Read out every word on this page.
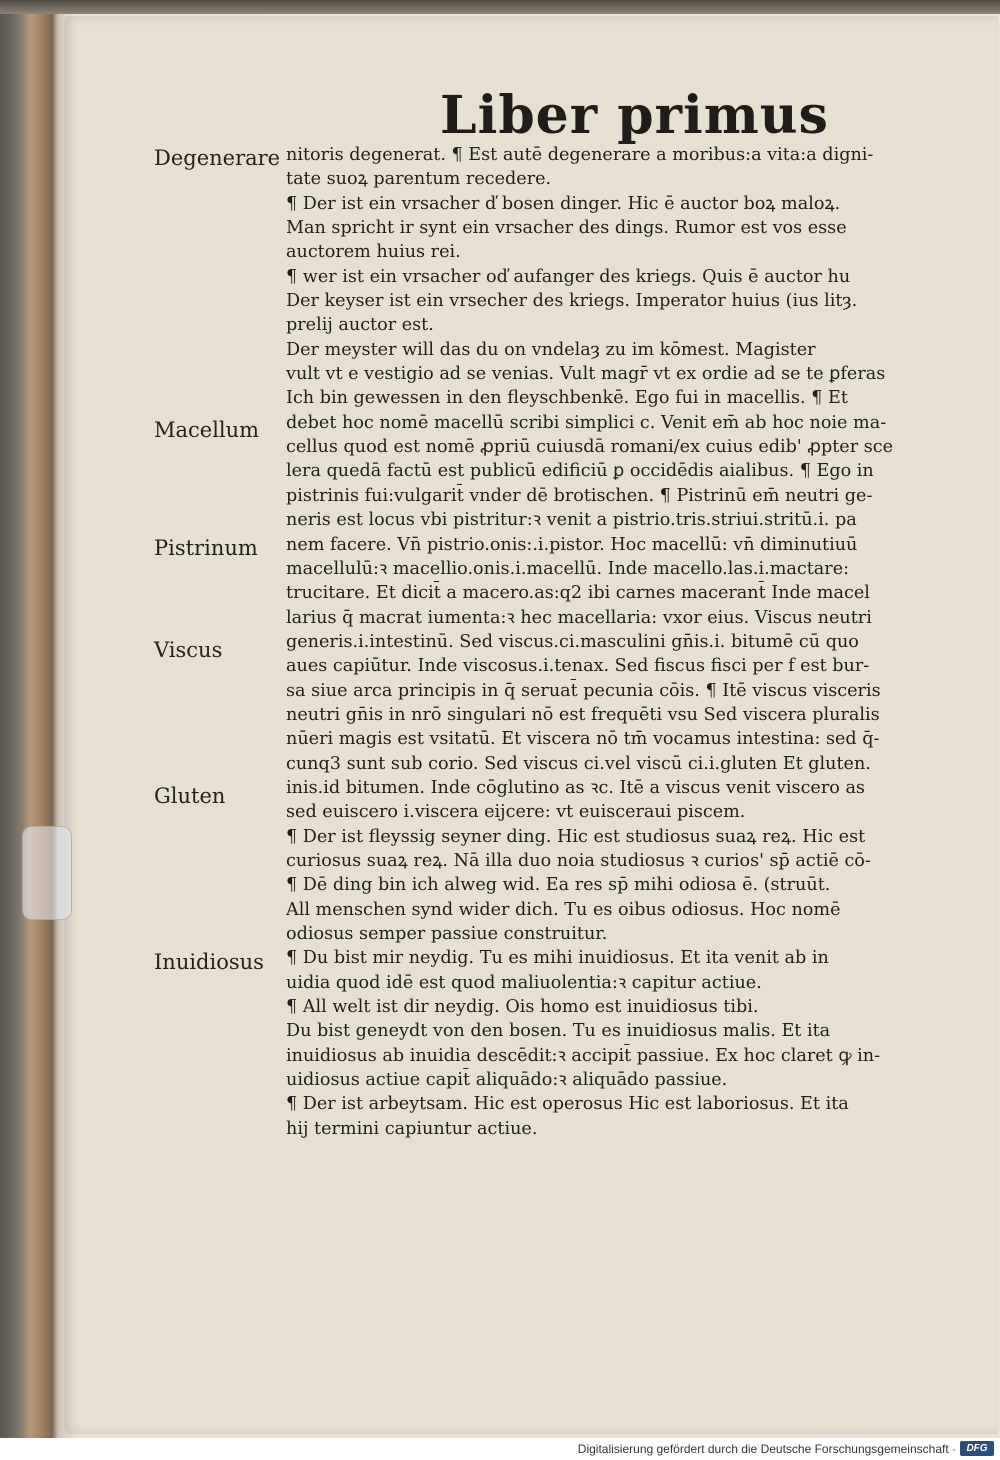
Liber primus
Degenerare
Macellum
Pistrinum
Viscus
Gluten
Inuidiosus
nitoris degenerat. ¶ Est autē degenerare a moribus:a vita:a digni-
tate suoꝝ parentum recedere.
¶ Der ist ein vrsacher ď bosen dinger. Hic ē auctor boꝝ maloꝝ.
Man spricht ir synt ein vrsacher des dings. Rumor est vos esse
auctorem huius rei.
¶ wer ist ein vrsacher oď aufanger des kriegs. Quis ē auctor hu
Der keyser ist ein vrsecher des kriegs. Imperator huius (ius litȝ.
prelij auctor est.
Der meyster will das du on vndelaȝ zu im kōmest. Magister
vult vt e vestigio ad se venias. Vult magr̄ vt ex ordie ad se te ꝑferas
Ich bin gewessen in den fleyschbenkē. Ego fui in macellis. ¶ Et
debet hoc nomē macellū scribi simplici c. Venit em̄ ab hoc noie ma-
cellus quod est nomē ꝓpriū cuiusdā romani/ex cuius edib' ꝓpter sce
lera quedā factū est publicū edificiū ꝑ occidēdis aialibus. ¶ Ego in
pistrinis fui:vulgarit̄ vnder dē brotischen. ¶ Pistrinū em̄ neutri ge-
neris est locus vbi pistritur:ꝛ venit a pistrio.tris.striui.stritū.i. pa
nem facere. Vn̄ pistrio.onis:.i.pistor. Hoc macellū: vn̄ diminutiuū
macellulū:ꝛ macellio.onis.i.macellū. Inde macello.las.i.mactare:
trucitare. Et dicit̄ a macero.as:q2 ibi carnes macerant̄ Inde macel
larius q̄ macrat iumenta:ꝛ hec macellaria: vxor eius. Viscus neutri
generis.i.intestinū. Sed viscus.ci.masculini gn̄is.i. bitumē cū quo
aues capiūtur. Inde viscosus.i.tenax. Sed fiscus fisci per f est bur-
sa siue arca principis in q̄ seruat̄ pecunia cōis. ¶ Itē viscus visceris
neutri gn̄is in nrō singulari nō est frequēti vsu Sed viscera pluralis
nūeri magis est vsitatū. Et viscera nō tm̄ vocamus intestina: sed q̄-
cunq3 sunt sub corio. Sed viscus ci.vel viscū ci.i.gluten Et gluten.
inis.id bitumen. Inde cōglutino as ꝛc. Itē a viscus venit viscero as
sed euiscero i.viscera eijcere: vt euisceraui piscem.
¶ Der ist fleyssig seyner ding. Hic est studiosus suaꝝ reꝝ. Hic est
curiosus suaꝝ reꝝ. Nā illa duo noia studiosus ꝛ curios' sp̄ actiē cō-
¶ Dē ding bin ich alweg wid. Ea res sp̄ mihi odiosa ē. (struūt.
All menschen synd wider dich. Tu es oibus odiosus. Hoc nomē
odiosus semper passiue construitur.
¶ Du bist mir neydig. Tu es mihi inuidiosus. Et ita venit ab in
uidia quod idē est quod maliuolentia:ꝛ capitur actiue.
¶ All welt ist dir neydig. Ois homo est inuidiosus tibi.
Du bist geneydt von den bosen. Tu es inuidiosus malis. Et ita
inuidiosus ab inuidia descēdit:ꝛ accipit̄ passiue. Ex hoc claret ꝙ in-
uidiosus actiue capit̄ aliquādo:ꝛ aliquādo passiue.
¶ Der ist arbeytsam. Hic est operosus Hic est laboriosus. Et ita
hij termini capiuntur actiue.
Digitalisierung gefördert durch die Deutsche Forschungsgemeinschaft ·	DFG
